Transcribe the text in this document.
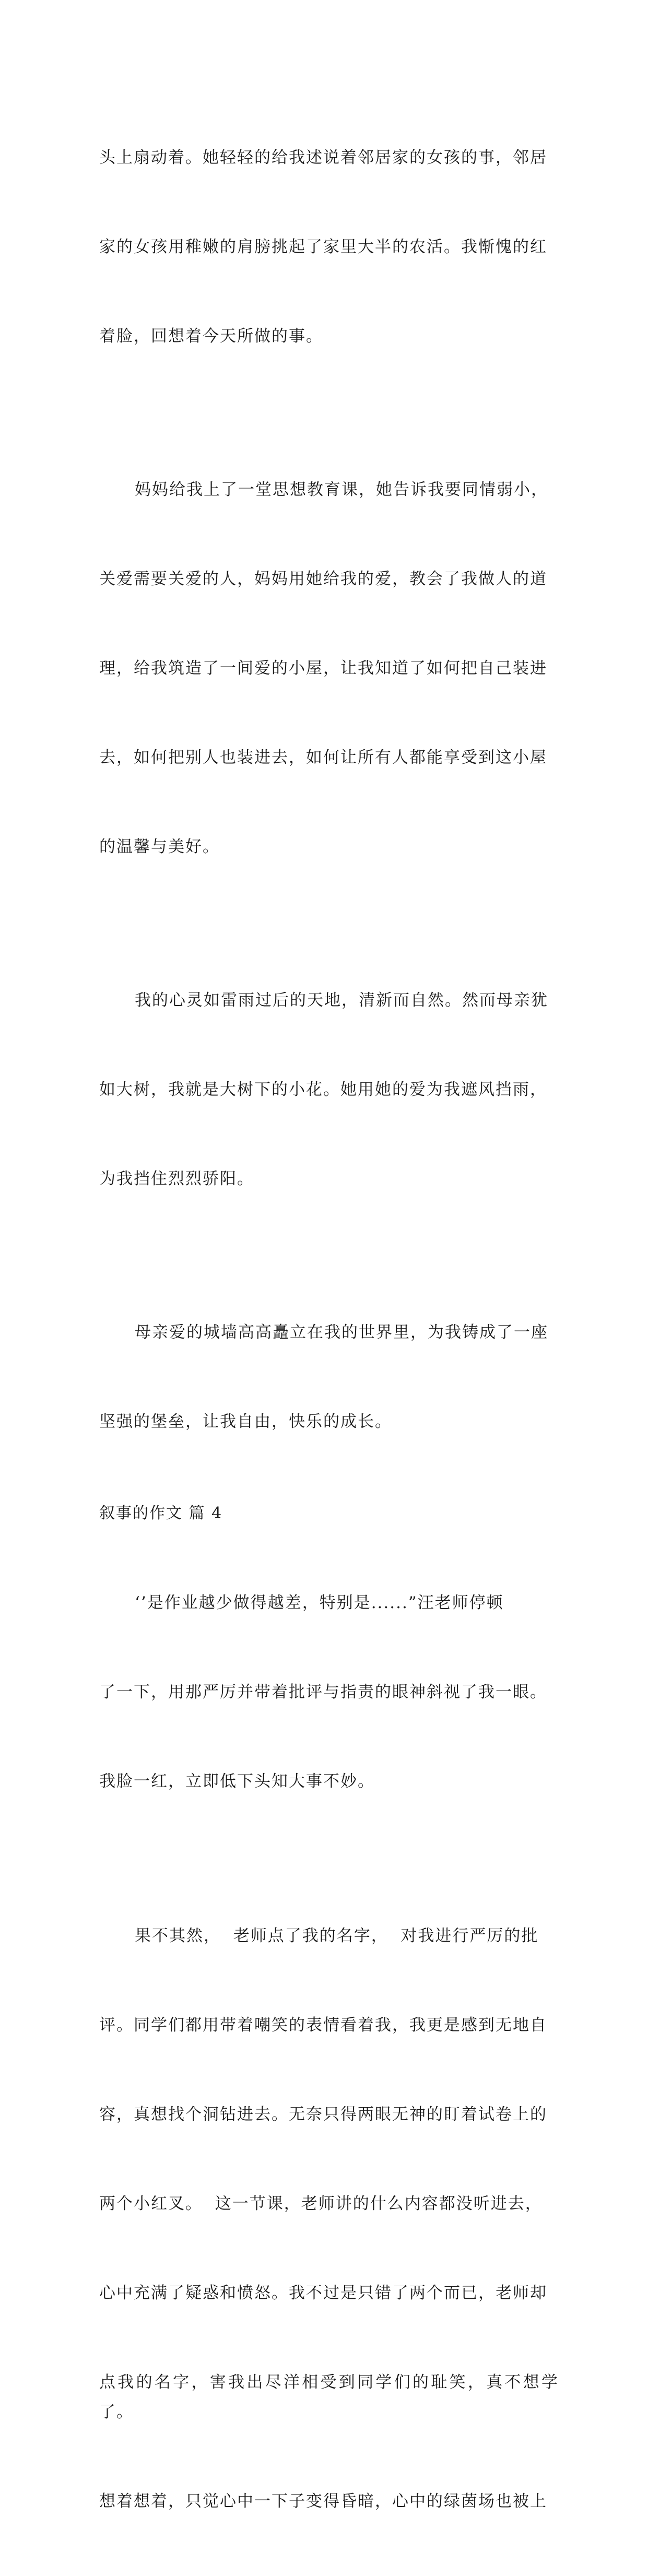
头上扇动着。她轻轻的给我述说着邻居家的女孩的事，邻居

家的女孩用稚嫩的肩膀挑起了家里大半的农活。我惭愧的红

着脸，回想着今天所做的事。

妈妈给我上了一堂思想教育课，她告诉我要同情弱小，

关爱需要关爱的人，妈妈用她给我的爱，教会了我做人的道

理，给我筑造了一间爱的小屋，让我知道了如何把自己装进

去，如何把别人也装进去，如何让所有人都能享受到这小屋

的温馨与美好。

我的心灵如雷雨过后的天地，清新而自然。然而母亲犹

如大树，我就是大树下的小花。她用她的爱为我遮风挡雨，

为我挡住烈烈骄阳。

母亲爱的城墙高高矗立在我的世界里，为我铸成了一座

坚强的堡垒，让我自由，快乐的成长。

叙事的作文 篇 4

‘’是作业越少做得越差，特别是......”汪老师停顿

了一下，用那严厉并带着批评与指责的眼神斜视了我一眼。

我脸一红，立即低下头知大事不妙。

果不其然，  老师点了我的名字，  对我进行严厉的批

评。同学们都用带着嘲笑的表情看着我，我更是感到无地自

容，真想找个洞钻进去。无奈只得两眼无神的盯着试卷上的

两个小红叉。  这一节课，老师讲的什么内容都没听进去，

心中充满了疑惑和愤怒。我不过是只错了两个而已，老师却

点我的名字，害我出尽洋相受到同学们的耻笑，真不想学了。

想着想着，只觉心中一下子变得昏暗，心中的绿茵场也被上
